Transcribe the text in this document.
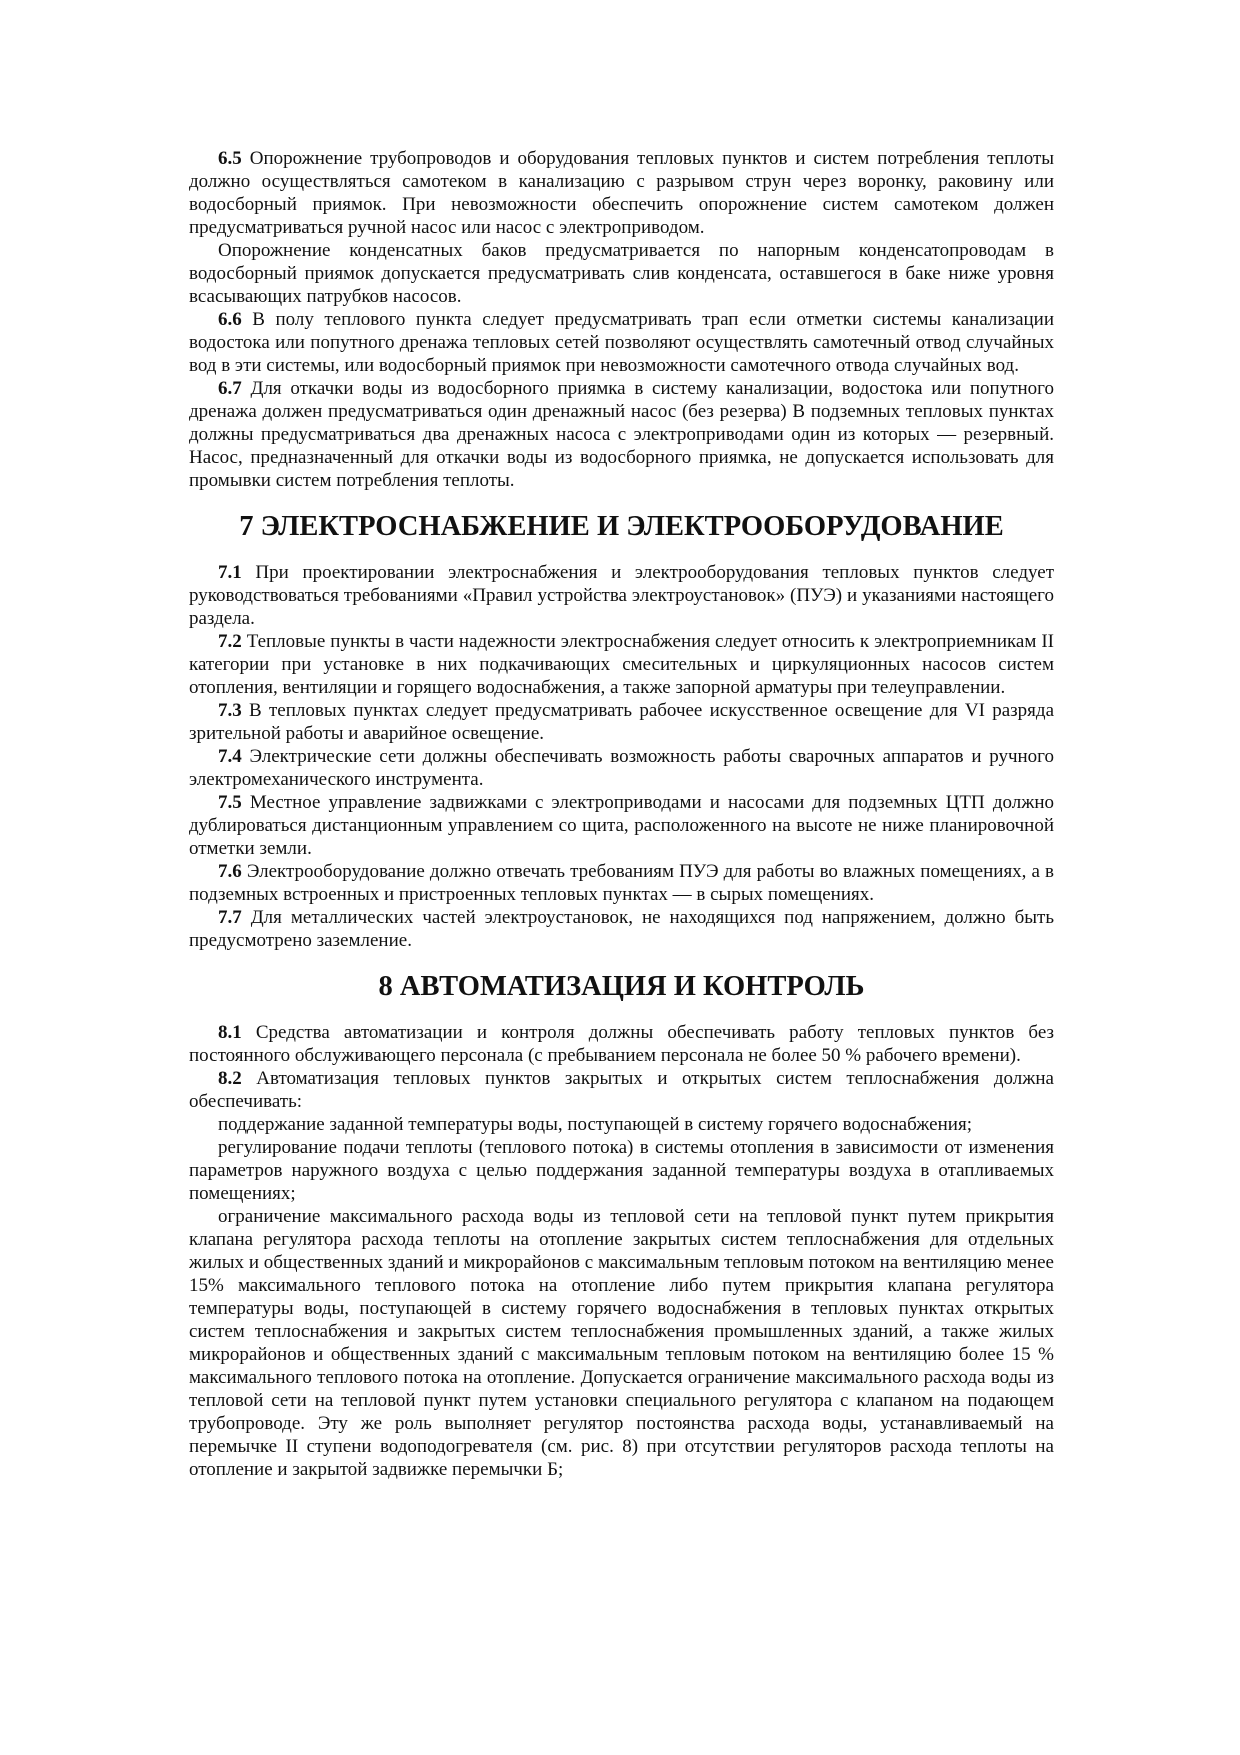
6.5 Опорожнение трубопроводов и оборудования тепловых пунктов и систем потребления теплоты должно осуществляться самотеком в канализацию с разрывом струн через воронку, раковину или водосборный приямок. При невозможности обеспечить опорожнение систем самотеком должен предусматриваться ручной насос или насос с электроприводом.

Опорожнение конденсатных баков предусматривается по напорным конденсатопроводам в водосборный приямок допускается предусматривать слив конденсата, оставшегося в баке ниже уровня всасывающих патрубков насосов.

6.6 В полу теплового пункта следует предусматривать трап если отметки системы канализации водостока или попутного дренажа тепловых сетей позволяют осуществлять самотечный отвод случайных вод в эти системы, или водосборный приямок при невозможности самотечного отвода случайных вод.

6.7 Для откачки воды из водосборного приямка в систему канализации, водостока или попутного дренажа должен предусматриваться один дренажный насос (без резерва) В подземных тепловых пунктах должны предусматриваться два дренажных насоса с электроприводами один из которых — резервный. Насос, предназначенный для откачки воды из водосборного приямка, не допускается использовать для промывки систем потребления теплоты.

7 ЭЛЕКТРОСНАБЖЕНИЕ И ЭЛЕКТРООБОРУДОВАНИЕ

7.1 При проектировании электроснабжения и электрооборудования тепловых пунктов следует руководствоваться требованиями «Правил устройства электроустановок» (ПУЭ) и указаниями настоящего раздела.

7.2 Тепловые пункты в части надежности электроснабжения следует относить к электроприемникам II категории при установке в них подкачивающих смесительных и циркуляционных насосов систем отопления, вентиляции и горящего водоснабжения, а также запорной арматуры при телеуправлении.

7.3 В тепловых пунктах следует предусматривать рабочее искусственное освещение для VI разряда зрительной работы и аварийное освещение.

7.4 Электрические сети должны обеспечивать возможность работы сварочных аппаратов и ручного электромеханического инструмента.

7.5 Местное управление задвижками с электроприводами и насосами для подземных ЦТП должно дублироваться дистанционным управлением со щита, расположенного на высоте не ниже планировочной отметки земли.

7.6 Электрооборудование должно отвечать требованиям ПУЭ для работы во влажных помещениях, а в подземных встроенных и пристроенных тепловых пунктах — в сырых помещениях.

7.7 Для металлических частей электроустановок, не находящихся под напряжением, должно быть предусмотрено заземление.

8 АВТОМАТИЗАЦИЯ И КОНТРОЛЬ

8.1 Средства автоматизации и контроля должны обеспечивать работу тепловых пунктов без постоянного обслуживающего персонала (с пребыванием персонала не более 50 % рабочего времени).

8.2 Автоматизация тепловых пунктов закрытых и открытых систем теплоснабжения должна обеспечивать:

поддержание заданной температуры воды, поступающей в систему горячего водоснабжения;

регулирование подачи теплоты (теплового потока) в системы отопления в зависимости от изменения параметров наружного воздуха с целью поддержания заданной температуры воздуха в отапливаемых помещениях;

ограничение максимального расхода воды из тепловой сети на тепловой пункт путем прикрытия клапана регулятора расхода теплоты на отопление закрытых систем теплоснабжения для отдельных жилых и общественных зданий и микрорайонов с максимальным тепловым потоком на вентиляцию менее 15% максимального теплового потока на отопление либо путем прикрытия клапана регулятора температуры воды, поступающей в систему горячего водоснабжения в тепловых пунктах открытых систем теплоснабжения и закрытых систем теплоснабжения промышленных зданий, а также жилых микрорайонов и общественных зданий с максимальным тепловым потоком на вентиляцию более 15 % максимального теплового потока на отопление. Допускается ограничение максимального расхода воды из тепловой сети на тепловой пункт путем установки специального регулятора с клапаном на подающем трубопроводе. Эту же роль выполняет регулятор постоянства расхода воды, устанавливаемый на перемычке II ступени водоподогревателя (см. рис. 8) при отсутствии регуляторов расхода теплоты на отопление и закрытой задвижке перемычки Б;
